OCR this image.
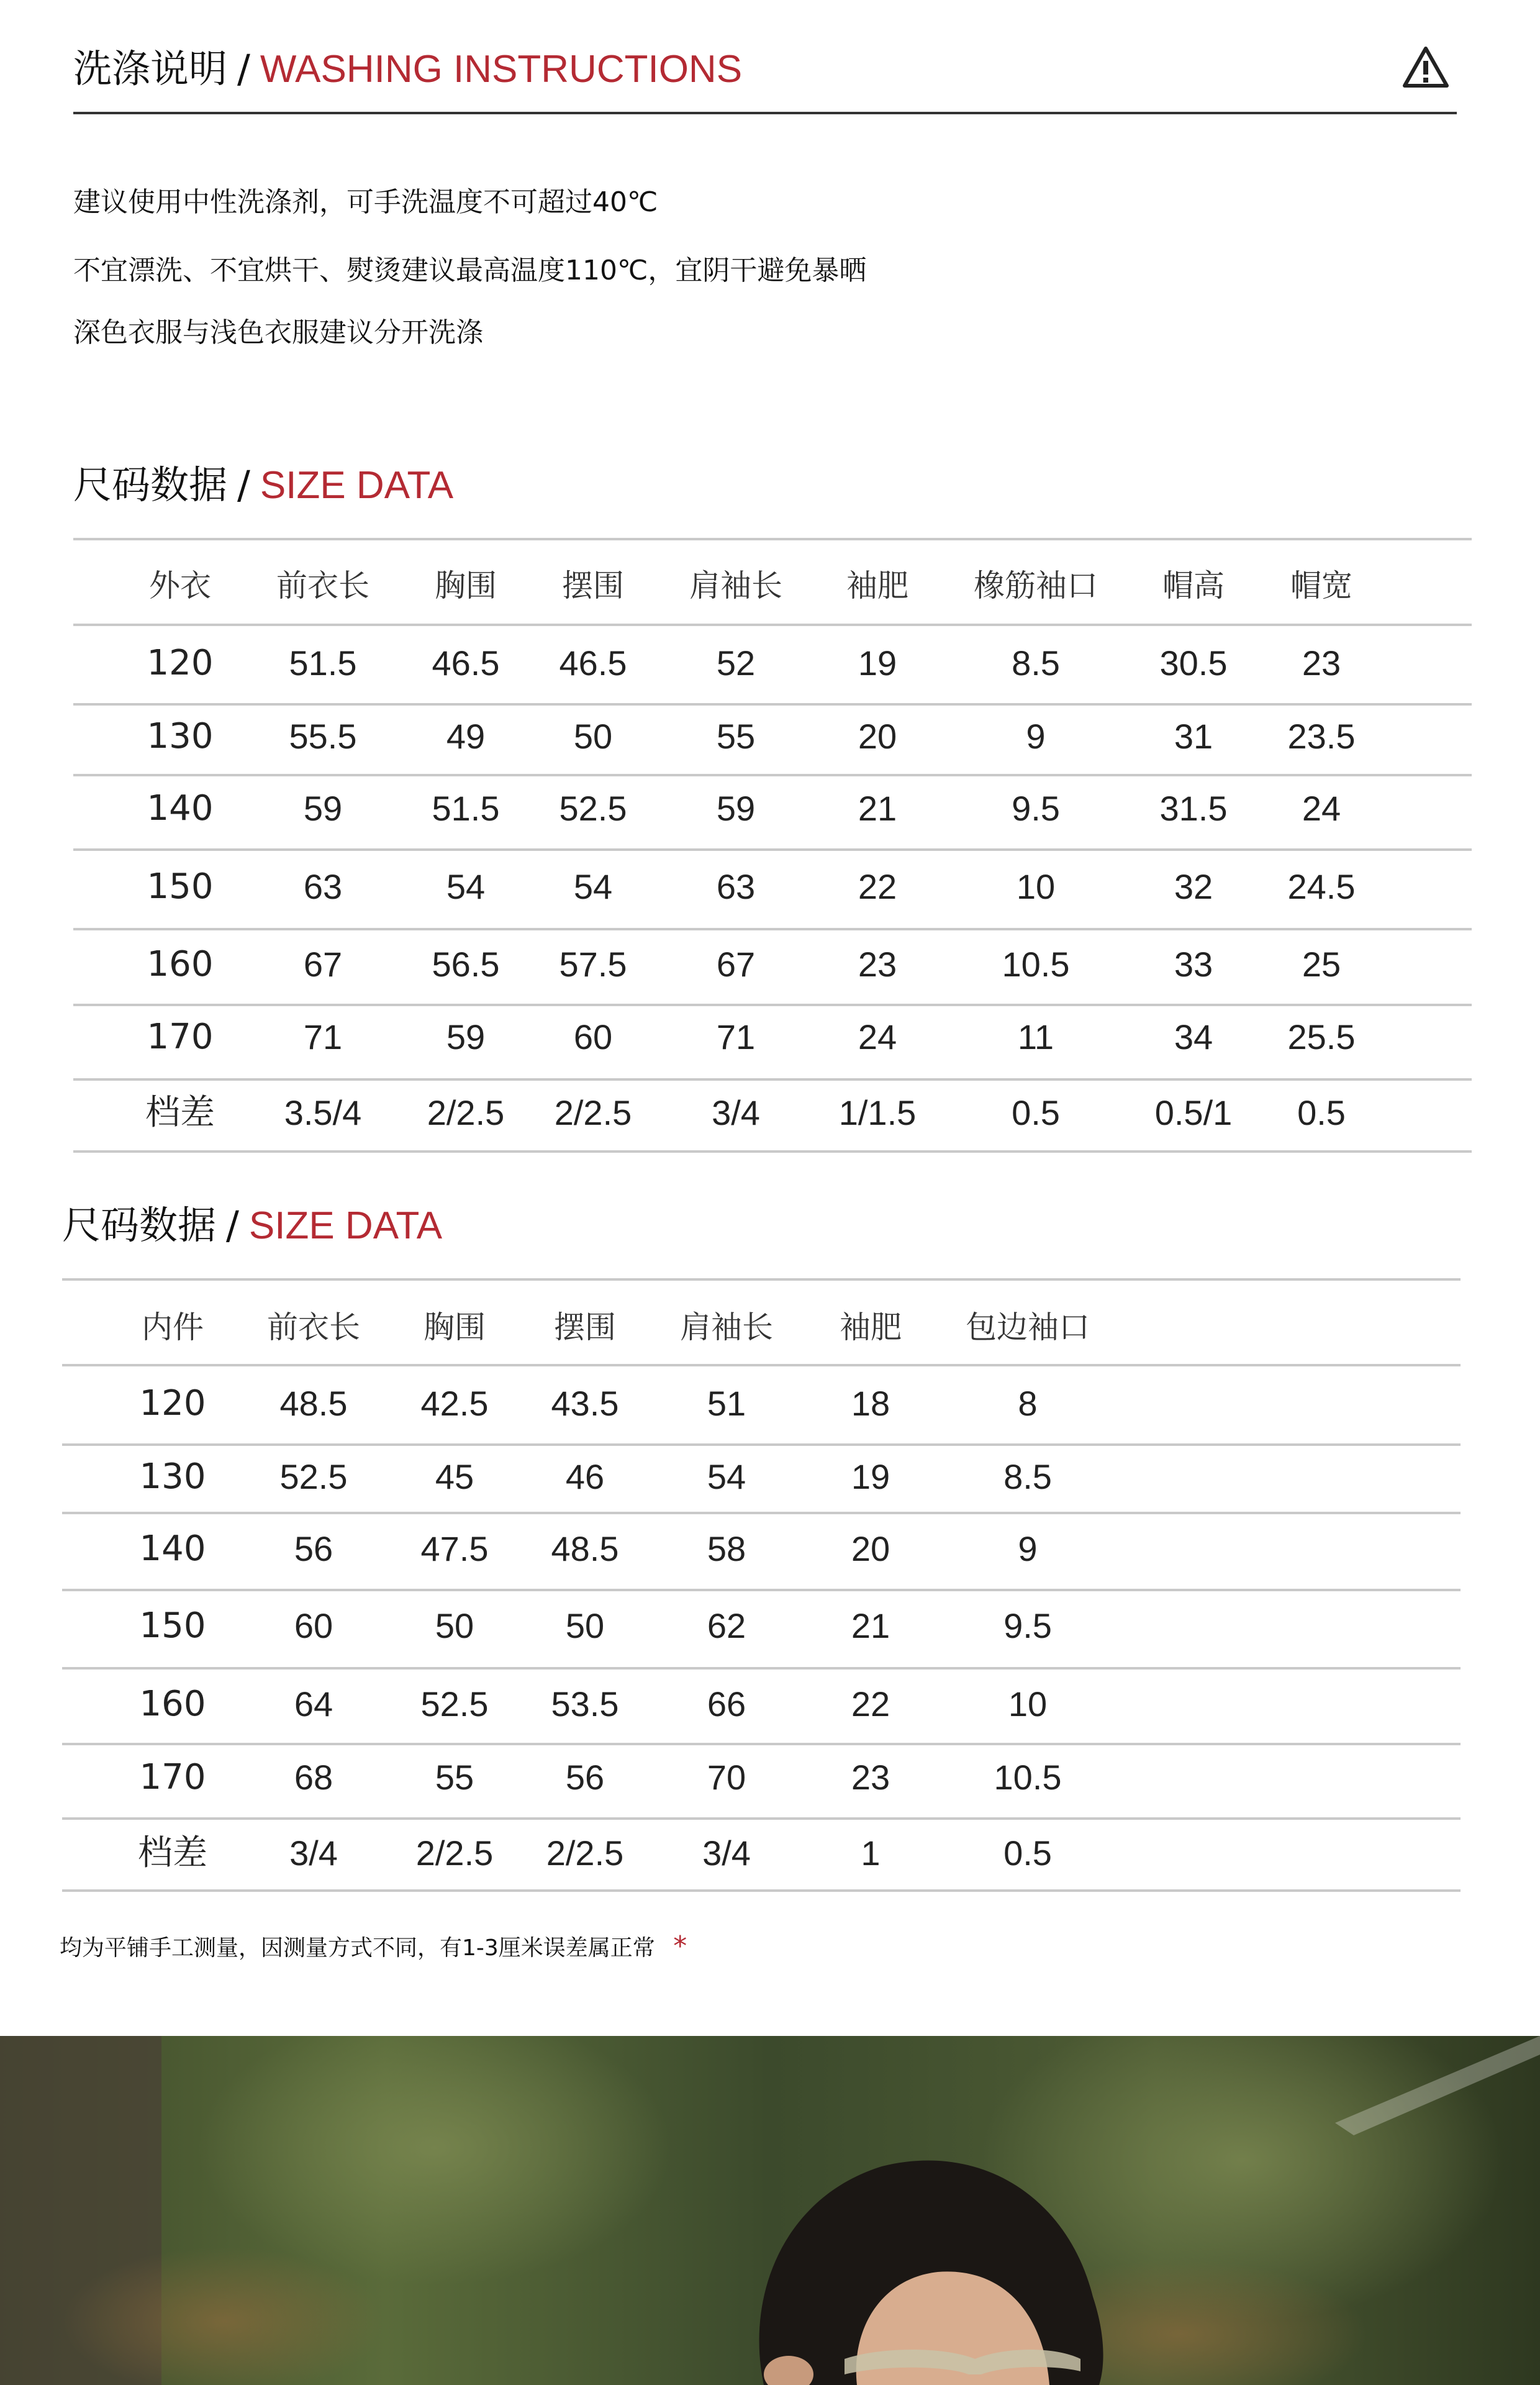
洗涤说明 / WASHING INSTRUCTIONS
建议使用中性洗涤剂，可手洗温度不可超过40℃
不宜漂洗、不宜烘干、熨烫建议最高温度110℃，宜阴干避免暴晒
深色衣服与浅色衣服建议分开洗涤
尺码数据 / SIZE DATA
外衣 前衣长 胸围 摆围 肩袖长 袖肥 橡筋袖口 帽高 帽宽
120 51.5 46.5 46.5	52	19	8.5	30.5 23
130 55.5	49	50	55	20	9	31 23.5
140	59	51.5 52.5	59	21	9.5	31.5 24
150	63	54	54	63	22	10	32 24.5
160	67	56.5 57.5	67	23	10.5	33	25
170	71	59	60	71	24	11	34 25.5
档差 3.5/4 2/2.5 2/2.5 3/4 1/1.5	0.5	0.5/1 0.5
尺码数据 / SIZE DATA
内件 前衣长 胸围 摆围 肩袖长 袖肥 包边袖口
120 48.5 42.5 43.5	51	18	8
130 52.5	45	46	54	19	8.5
140	56	47.5 48.5	58	20	9
150	60	50	50	62	21	9.5
160	64	52.5 53.5	66	22	10
170	68	55	56	70	23	10.5
档差 3/4 2/2.5 2/2.5 3/4	1	0.5
均为平铺手工测量，因测量方式不同，有1-3厘米误差属正常 *
